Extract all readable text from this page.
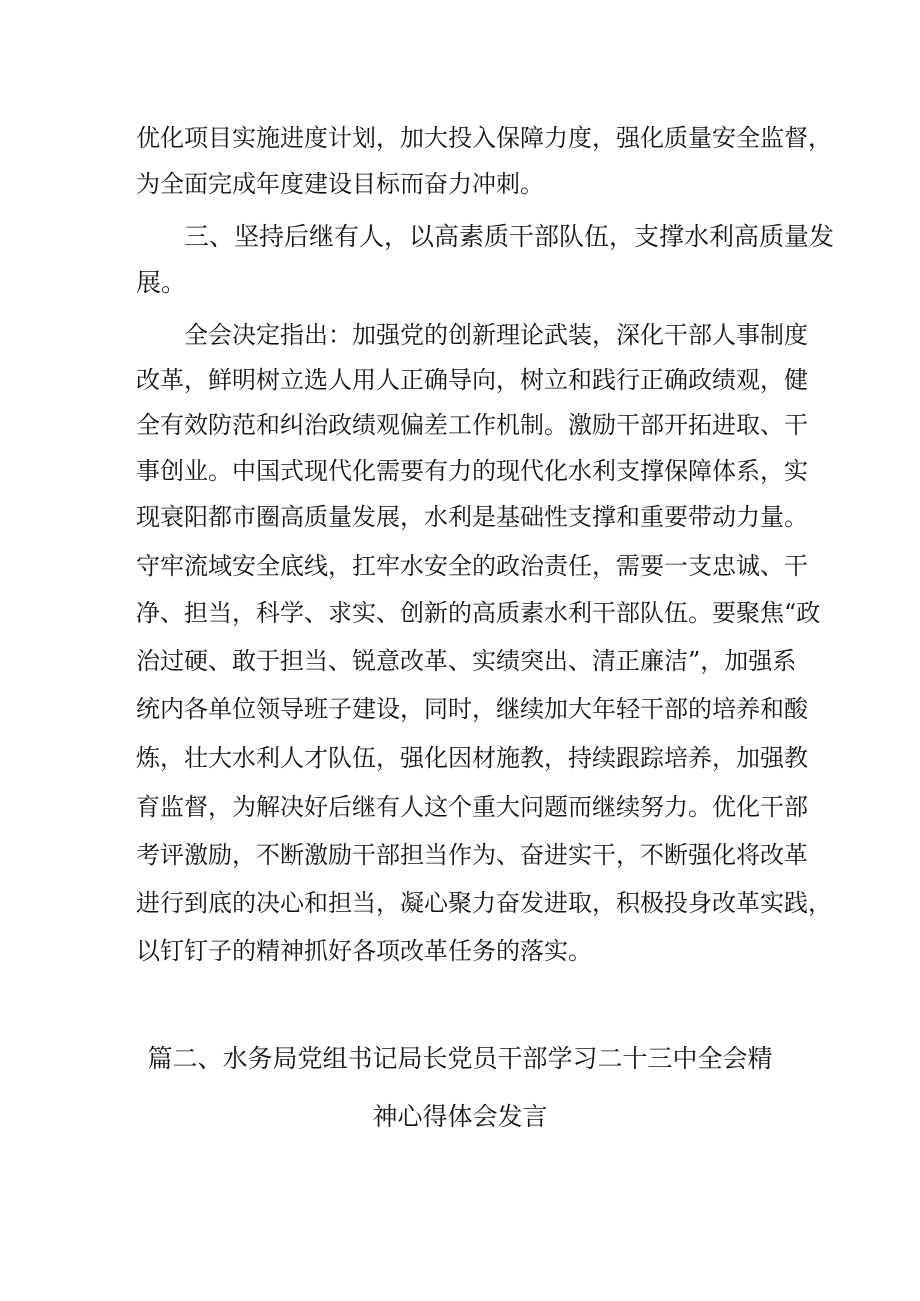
优化项目实施进度计划，加大投入保障力度，强化质量安全监督，

为全面完成年度建设目标而奋力冲刺。

三、坚持后继有人，以高素质干部队伍，支撑水利高质量发

展。

全会决定指出：加强党的创新理论武装，深化干部人事制度

改革，鲜明树立选人用人正确导向，树立和践行正确政绩观，健

全有效防范和纠治政绩观偏差工作机制。激励干部开拓进取、干

事创业。中国式现代化需要有力的现代化水利支撑保障体系，实

现衰阳都市圈高质量发展，水利是基础性支撑和重要带动力量。

守牢流域安全底线，扛牢水安全的政治责任，需要一支忠诚、干

净、担当，科学、求实、创新的高质素水利干部队伍。要聚焦“政

治过硬、敢于担当、锐意改革、实绩突出、清正廉洁”，加强系

统内各单位领导班子建设，同时，继续加大年轻干部的培养和酸

炼，壮大水利人才队伍，强化因材施教，持续跟踪培养，加强教

育监督，为解决好后继有人这个重大问题而继续努力。优化干部

考评激励，不断激励干部担当作为、奋进实干，不断强化将改革

进行到底的决心和担当，凝心聚力奋发进取，积极投身改革实践，

以钉钉子的精神抓好各项改革任务的落实。

篇二、水务局党组书记局长党员干部学习二十三中全会精

神心得体会发言
